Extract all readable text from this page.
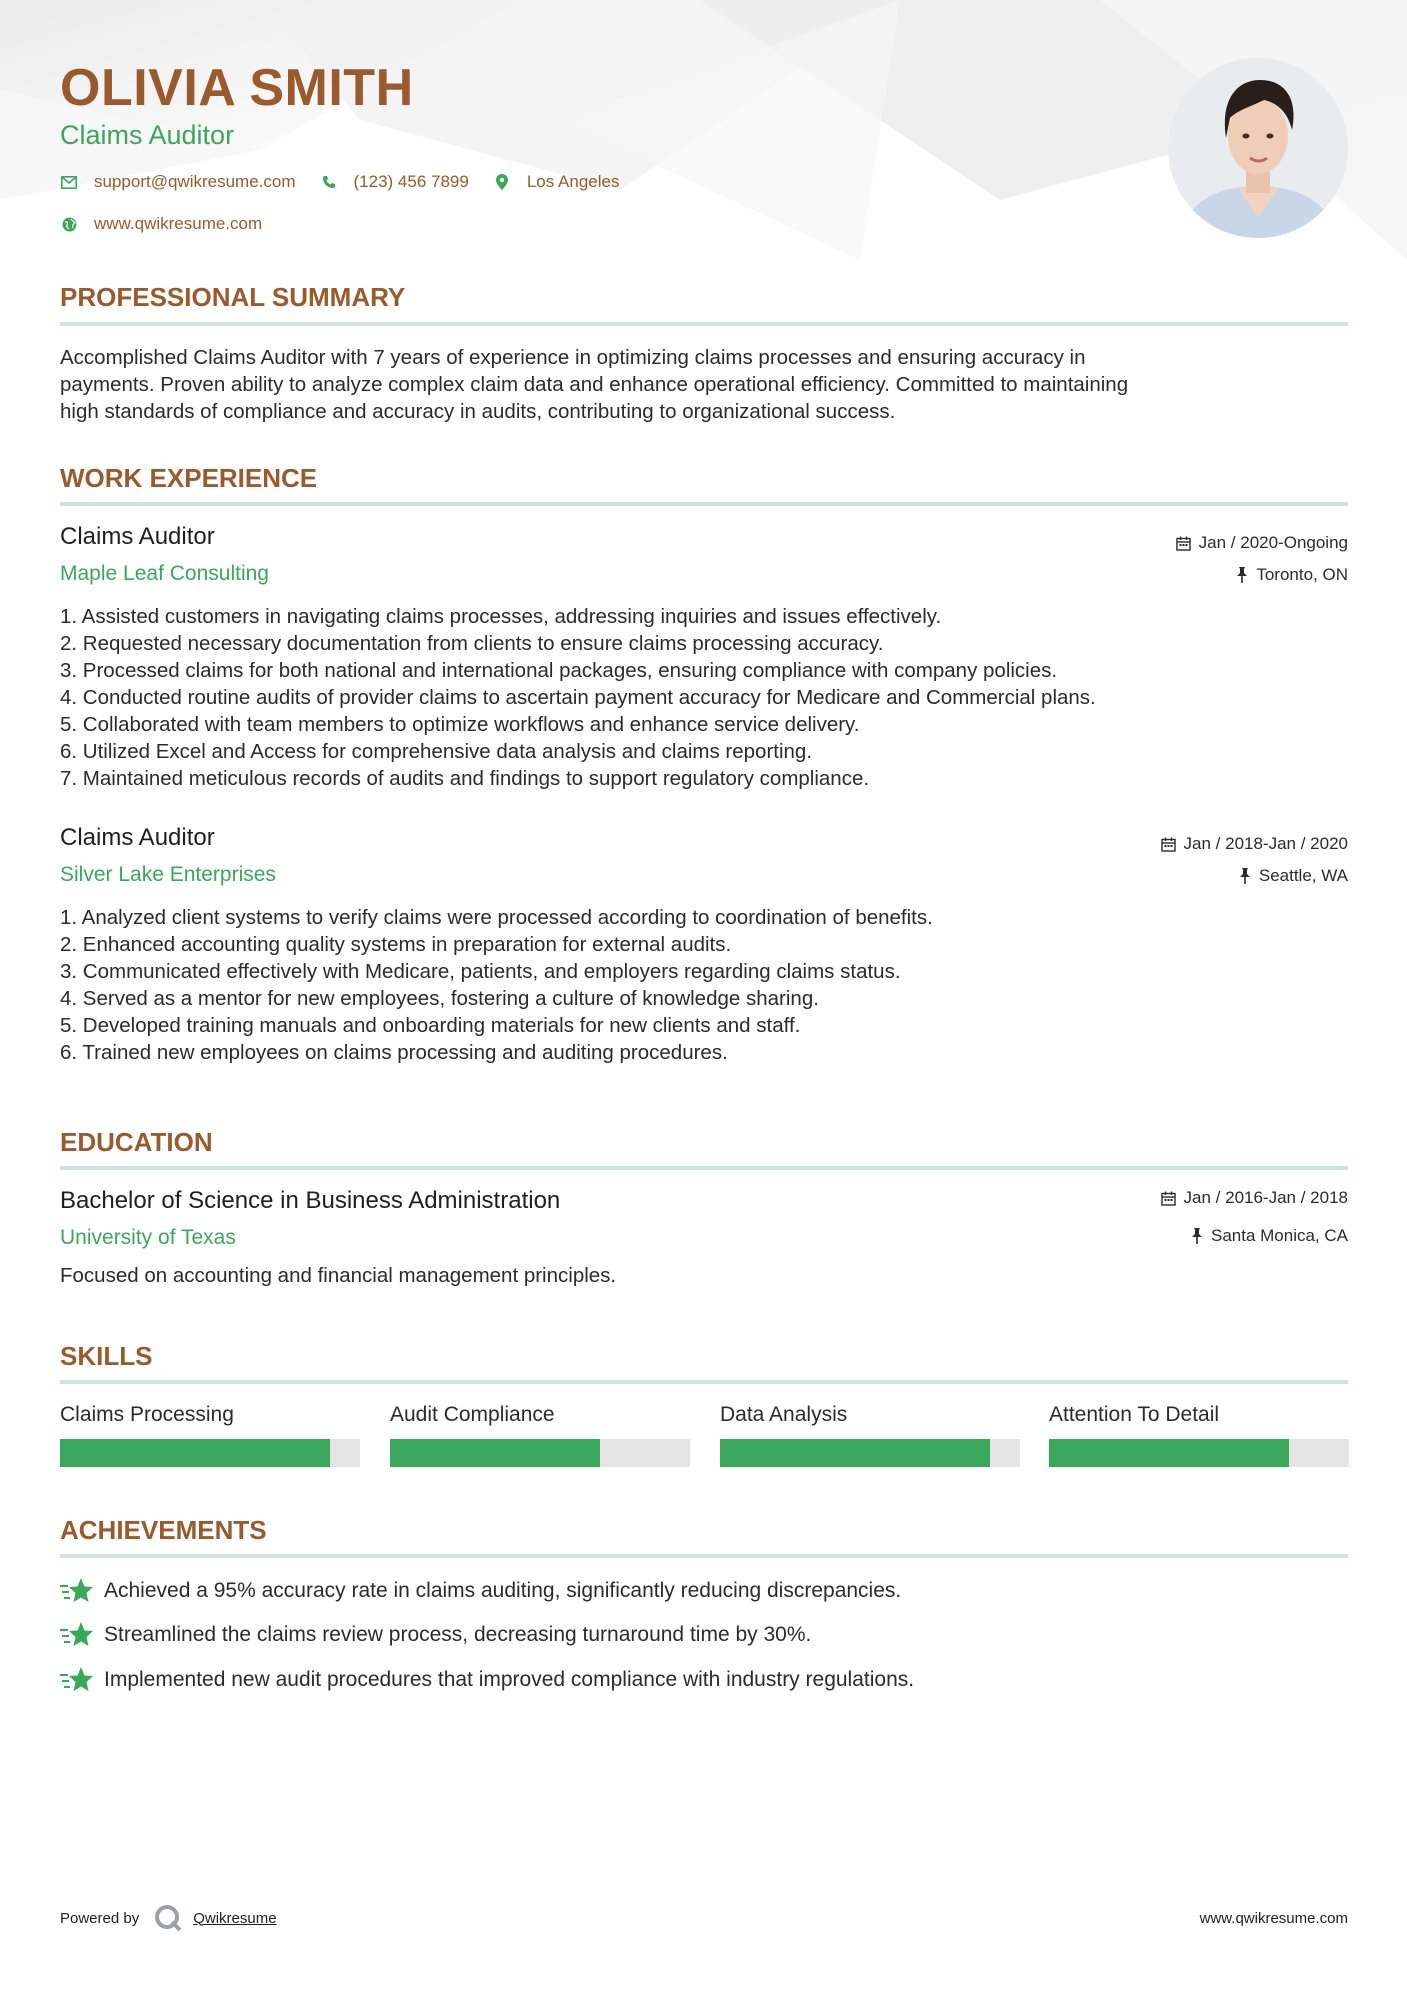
OLIVIA SMITH
Claims Auditor
support@qwikresume.com	(123) 456 7899	Los Angeles
www.qwikresume.com
PROFESSIONAL SUMMARY
Accomplished Claims Auditor with 7 years of experience in optimizing claims processes and ensuring accuracy in
payments. Proven ability to analyze complex claim data and enhance operational efficiency. Committed to maintaining
high standards of compliance and accuracy in audits, contributing to organizational success.
WORK EXPERIENCE
Claims Auditor
Maple Leaf Consulting
Jan / 2020-Ongoing
Toronto, ON
1. Assisted customers in navigating claims processes, addressing inquiries and issues effectively.
2. Requested necessary documentation from clients to ensure claims processing accuracy.
3. Processed claims for both national and international packages, ensuring compliance with company policies.
4. Conducted routine audits of provider claims to ascertain payment accuracy for Medicare and Commercial plans.
5. Collaborated with team members to optimize workflows and enhance service delivery.
6. Utilized Excel and Access for comprehensive data analysis and claims reporting.
7. Maintained meticulous records of audits and findings to support regulatory compliance.
Claims Auditor
Silver Lake Enterprises
Jan / 2018-Jan / 2020
Seattle, WA
1. Analyzed client systems to verify claims were processed according to coordination of benefits.
2. Enhanced accounting quality systems in preparation for external audits.
3. Communicated effectively with Medicare, patients, and employers regarding claims status.
4. Served as a mentor for new employees, fostering a culture of knowledge sharing.
5. Developed training manuals and onboarding materials for new clients and staff.
6. Trained new employees on claims processing and auditing procedures.
EDUCATION
Bachelor of Science in Business Administration
University of Texas
Jan / 2016-Jan / 2018
Santa Monica, CA
Focused on accounting and financial management principles.
SKILLS
Claims Processing	Audit Compliance	Data Analysis	Attention To Detail
ACHIEVEMENTS
Achieved a 95% accuracy rate in claims auditing, significantly reducing discrepancies.
Streamlined the claims review process, decreasing turnaround time by 30%.
Implemented new audit procedures that improved compliance with industry regulations.
Powered by	Qwikresume	www.qwikresume.com
